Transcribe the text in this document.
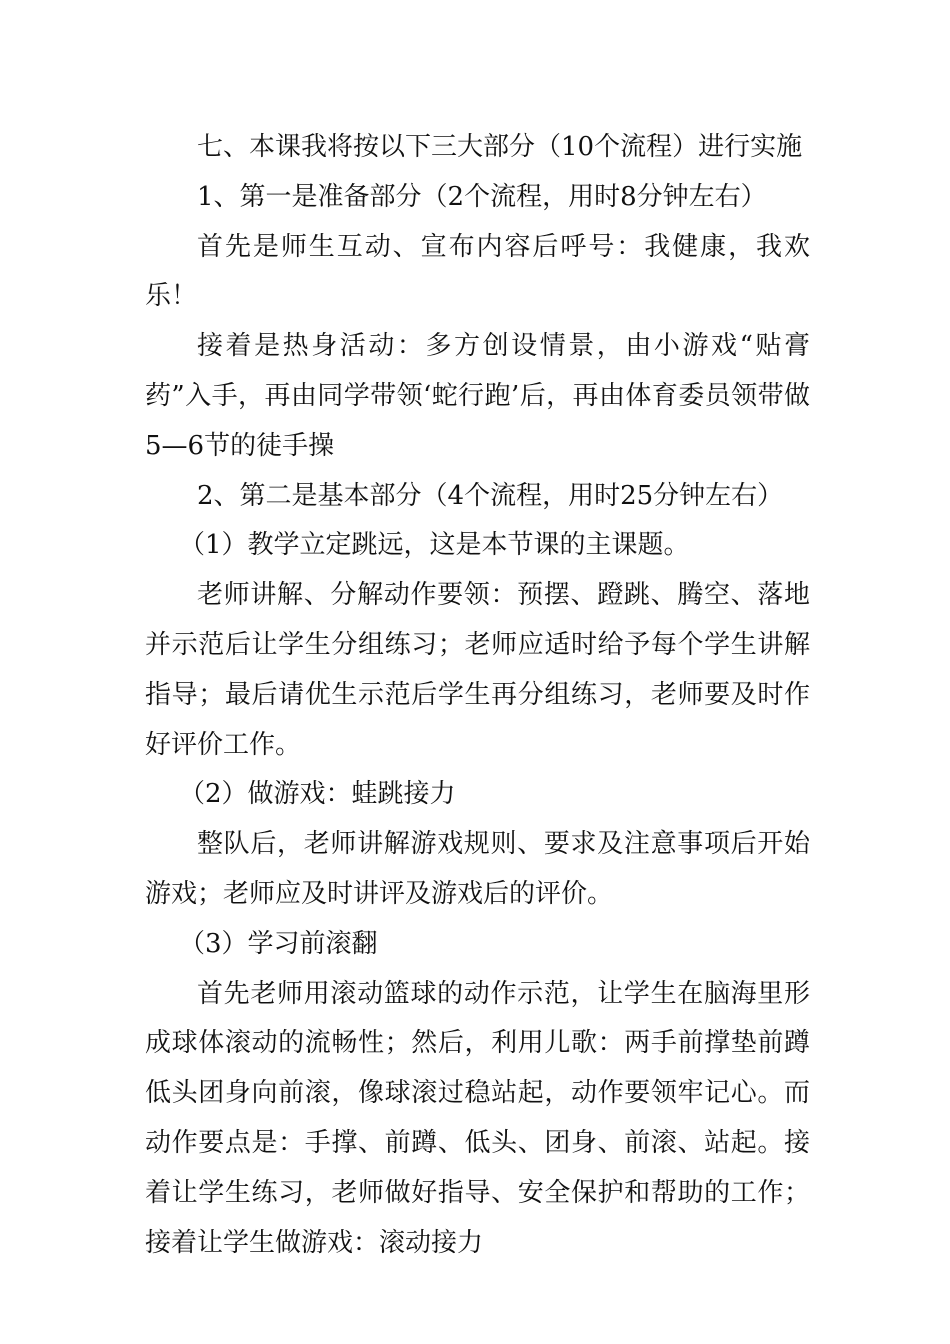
七、本课我将按以下三大部分（10个流程）进行实施

1、第一是准备部分（2个流程，用时8分钟左右）

首先是师生互动、宣布内容后呼号：我健康，我欢乐！

接着是热身活动：多方创设情景，由小游戏“贴膏药”入手，再由同学带领‘蛇行跑’后，再由体育委员领带做5—6节的徒手操

2、第二是基本部分（4个流程，用时25分钟左右）

（1）教学立定跳远，这是本节课的主课题。

老师讲解、分解动作要领：预摆、蹬跳、腾空、落地并示范后让学生分组练习；老师应适时给予每个学生讲解指导；最后请优生示范后学生再分组练习，老师要及时作好评价工作。

（2）做游戏：蛙跳接力

整队后，老师讲解游戏规则、要求及注意事项后开始游戏；老师应及时讲评及游戏后的评价。

（3）学习前滚翻

首先老师用滚动篮球的动作示范，让学生在脑海里形成球体滚动的流畅性；然后，利用儿歌：两手前撑垫前蹲低头团身向前滚，像球滚过稳站起，动作要领牢记心。而动作要点是：手撑、前蹲、低头、团身、前滚、站起。接着让学生练习，老师做好指导、安全保护和帮助的工作；接着让学生做游戏：滚动接力
